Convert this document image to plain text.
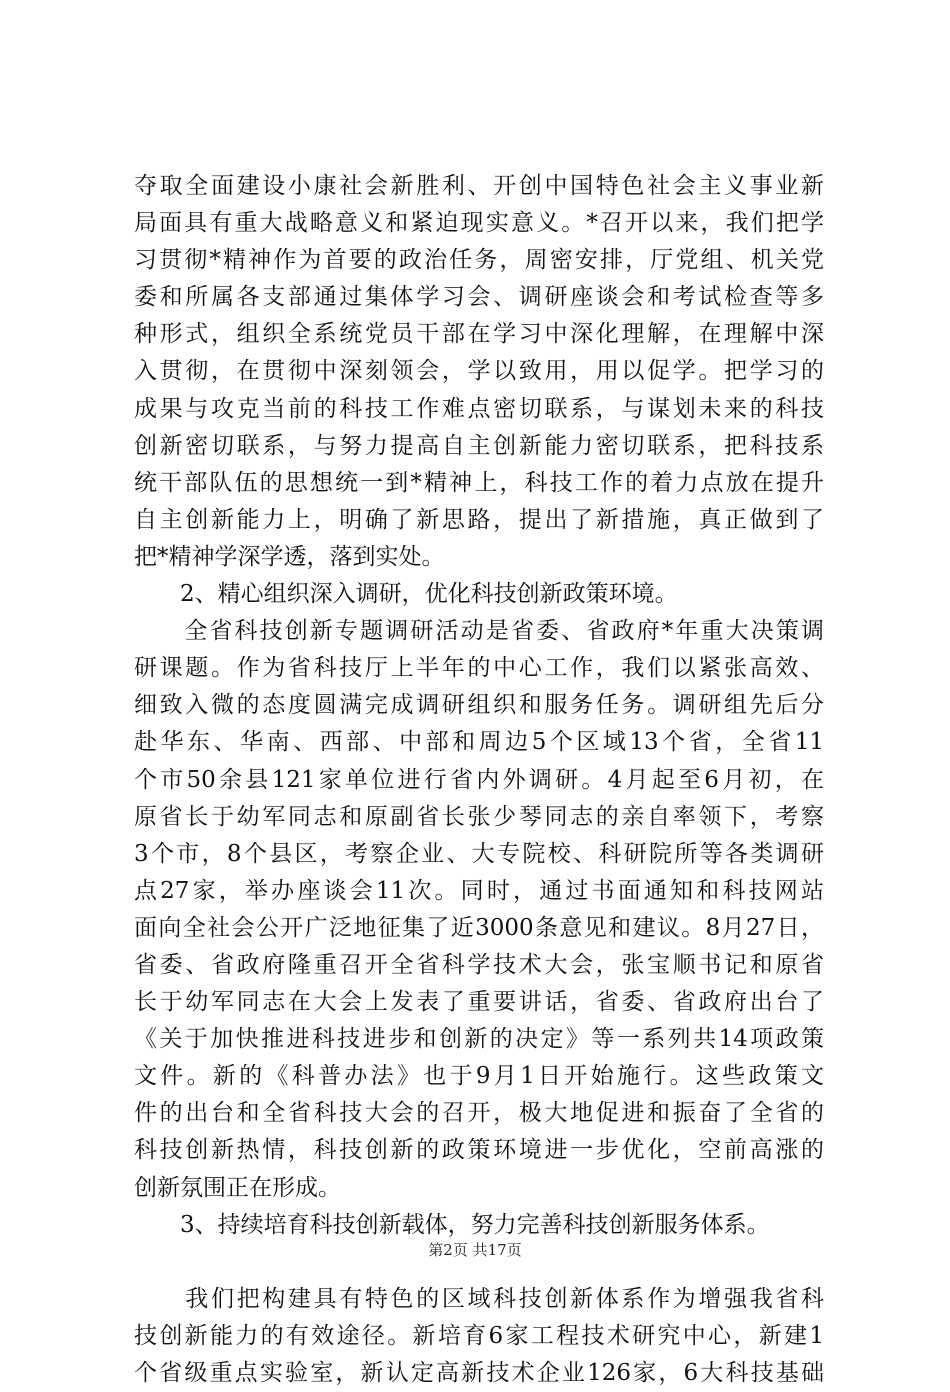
夺取全面建设小康社会新胜利、开创中国特色社会主义事业新
局面具有重大战略意义和紧迫现实意义。*召开以来，我们把学
习贯彻*精神作为首要的政治任务，周密安排，厅党组、机关党
委和所属各支部通过集体学习会、调研座谈会和考试检查等多
种形式，组织全系统党员干部在学习中深化理解，在理解中深
入贯彻，在贯彻中深刻领会，学以致用，用以促学。把学习的
成果与攻克当前的科技工作难点密切联系，与谋划未来的科技
创新密切联系，与努力提高自主创新能力密切联系，把科技系
统干部队伍的思想统一到*精神上，科技工作的着力点放在提升
自主创新能力上，明确了新思路，提出了新措施，真正做到了
把*精神学深学透，落到实处。
　　2、精心组织深入调研，优化科技创新政策环境。
　　全省科技创新专题调研活动是省委、省政府*年重大决策调
研课题。作为省科技厅上半年的中心工作，我们以紧张高效、
细致入微的态度圆满完成调研组织和服务任务。调研组先后分
赴华东、华南、西部、中部和周边5个区域13个省，全省11
个市50余县121家单位进行省内外调研。4月起至6月初，在
原省长于幼军同志和原副省长张少琴同志的亲自率领下，考察
3个市，8个县区，考察企业、大专院校、科研院所等各类调研
点27家，举办座谈会11次。同时，通过书面通知和科技网站
面向全社会公开广泛地征集了近3000条意见和建议。8月27日，
省委、省政府隆重召开全省科学技术大会，张宝顺书记和原省
长于幼军同志在大会上发表了重要讲话，省委、省政府出台了
《关于加快推进科技进步和创新的决定》等一系列共14项政策
文件。新的《科普办法》也于9月1日开始施行。这些政策文
件的出台和全省科技大会的召开，极大地促进和振奋了全省的
科技创新热情，科技创新的政策环境进一步优化，空前高涨的
创新氛围正在形成。
　　3、持续培育科技创新载体，努力完善科技创新服务体系。
　　我们把构建具有特色的区域科技创新体系作为增强我省科
技创新能力的有效途径。新培育6家工程技术研究中心，新建1
个省级重点实验室，新认定高新技术企业126家，6大科技基础
第2页 共17页
